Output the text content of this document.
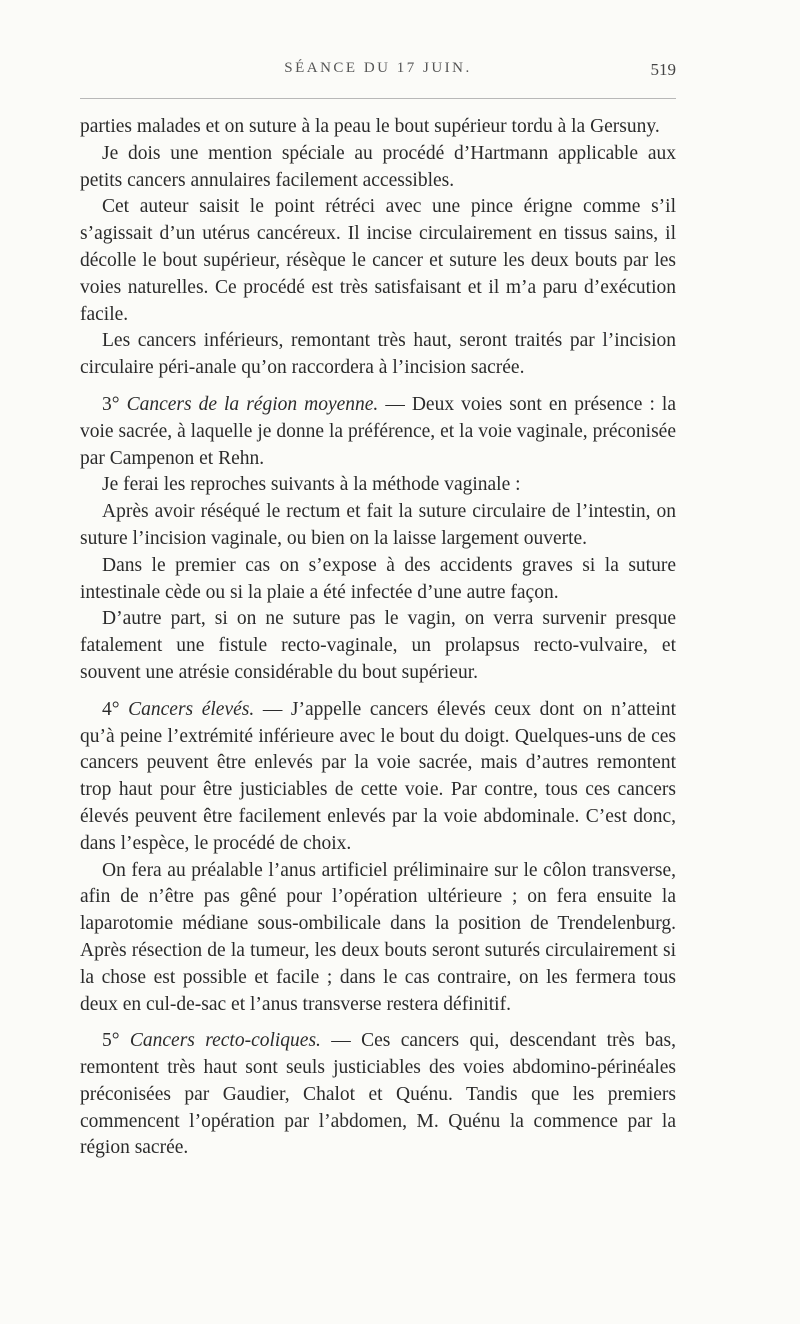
SÉANCE DU 17 JUIN.	519

parties malades et on suture à la peau le bout supérieur tordu à la Gersuny.

Je dois une mention spéciale au procédé d’Hartmann applicable aux petits cancers annulaires facilement accessibles.

Cet auteur saisit le point rétréci avec une pince érigne comme s’il s’agissait d’un utérus cancéreux. Il incise circulairement en tissus sains, il décolle le bout supérieur, résèque le cancer et suture les deux bouts par les voies naturelles. Ce procédé est très satisfaisant et il m’a paru d’exécution facile.

Les cancers inférieurs, remontant très haut, seront traités par l’incision circulaire péri-anale qu’on raccordera à l’incision sacrée.

3° Cancers de la région moyenne. — Deux voies sont en présence : la voie sacrée, à laquelle je donne la préférence, et la voie vaginale, préconisée par Campenon et Rehn.

Je ferai les reproches suivants à la méthode vaginale :

Après avoir réséqué le rectum et fait la suture circulaire de l’intestin, on suture l’incision vaginale, ou bien on la laisse largement ouverte.

Dans le premier cas on s’expose à des accidents graves si la suture intestinale cède ou si la plaie a été infectée d’une autre façon.

D’autre part, si on ne suture pas le vagin, on verra survenir presque fatalement une fistule recto-vaginale, un prolapsus recto-vulvaire, et souvent une atrésie considérable du bout supérieur.

4° Cancers élevés. — J’appelle cancers élevés ceux dont on n’atteint qu’à peine l’extrémité inférieure avec le bout du doigt. Quelques-uns de ces cancers peuvent être enlevés par la voie sacrée, mais d’autres remontent trop haut pour être justiciables de cette voie. Par contre, tous ces cancers élevés peuvent être facilement enlevés par la voie abdominale. C’est donc, dans l’espèce, le procédé de choix.

On fera au préalable l’anus artificiel préliminaire sur le côlon transverse, afin de n’être pas gêné pour l’opération ultérieure ; on fera ensuite la laparotomie médiane sous-ombilicale dans la position de Trendelenburg. Après résection de la tumeur, les deux bouts seront suturés circulairement si la chose est possible et facile ; dans le cas contraire, on les fermera tous deux en cul-de-sac et l’anus transverse restera définitif.

5° Cancers recto-coliques. — Ces cancers qui, descendant très bas, remontent très haut sont seuls justiciables des voies abdomino-périnéales préconisées par Gaudier, Chalot et Quénu. Tandis que les premiers commencent l’opération par l’abdomen, M. Quénu la commence par la région sacrée.
